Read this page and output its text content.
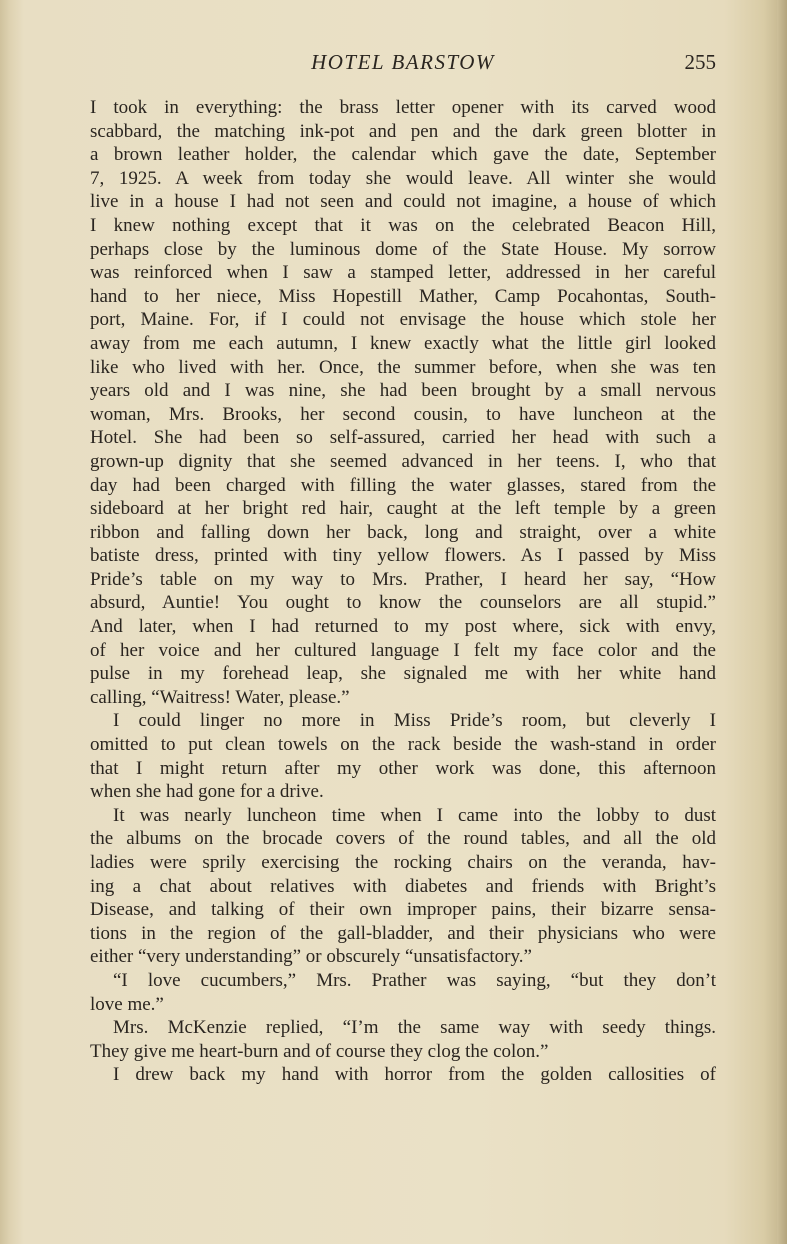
HOTEL BARSTOW	255
I took in everything: the brass letter opener with its carved wood
scabbard, the matching ink-pot and pen and the dark green blotter in
a brown leather holder, the calendar which gave the date, September
7, 1925. A week from today she would leave. All winter she would
live in a house I had not seen and could not imagine, a house of which
I knew nothing except that it was on the celebrated Beacon Hill,
perhaps close by the luminous dome of the State House. My sorrow
was reinforced when I saw a stamped letter, addressed in her careful
hand to her niece, Miss Hopestill Mather, Camp Pocahontas, South-
port, Maine. For, if I could not envisage the house which stole her
away from me each autumn, I knew exactly what the little girl looked
like who lived with her. Once, the summer before, when she was ten
years old and I was nine, she had been brought by a small nervous
woman, Mrs. Brooks, her second cousin, to have luncheon at the
Hotel. She had been so self-assured, carried her head with such a
grown-up dignity that she seemed advanced in her teens. I, who that
day had been charged with filling the water glasses, stared from the
sideboard at her bright red hair, caught at the left temple by a green
ribbon and falling down her back, long and straight, over a white
batiste dress, printed with tiny yellow flowers. As I passed by Miss
Pride’s table on my way to Mrs. Prather, I heard her say, “How
absurd, Auntie! You ought to know the counselors are all stupid.”
And later, when I had returned to my post where, sick with envy,
of her voice and her cultured language I felt my face color and the
pulse in my forehead leap, she signaled me with her white hand
calling, “Waitress! Water, please.”
I could linger no more in Miss Pride’s room, but cleverly I
omitted to put clean towels on the rack beside the wash-stand in order
that I might return after my other work was done, this afternoon
when she had gone for a drive.
It was nearly luncheon time when I came into the lobby to dust
the albums on the brocade covers of the round tables, and all the old
ladies were sprily exercising the rocking chairs on the veranda, hav-
ing a chat about relatives with diabetes and friends with Bright’s
Disease, and talking of their own improper pains, their bizarre sensa-
tions in the region of the gall-bladder, and their physicians who were
either “very understanding” or obscurely “unsatisfactory.”
“I love cucumbers,” Mrs. Prather was saying, “but they don’t
love me.”
Mrs. McKenzie replied, “I’m the same way with seedy things.
They give me heart-burn and of course they clog the colon.”
I drew back my hand with horror from the golden callosities of
